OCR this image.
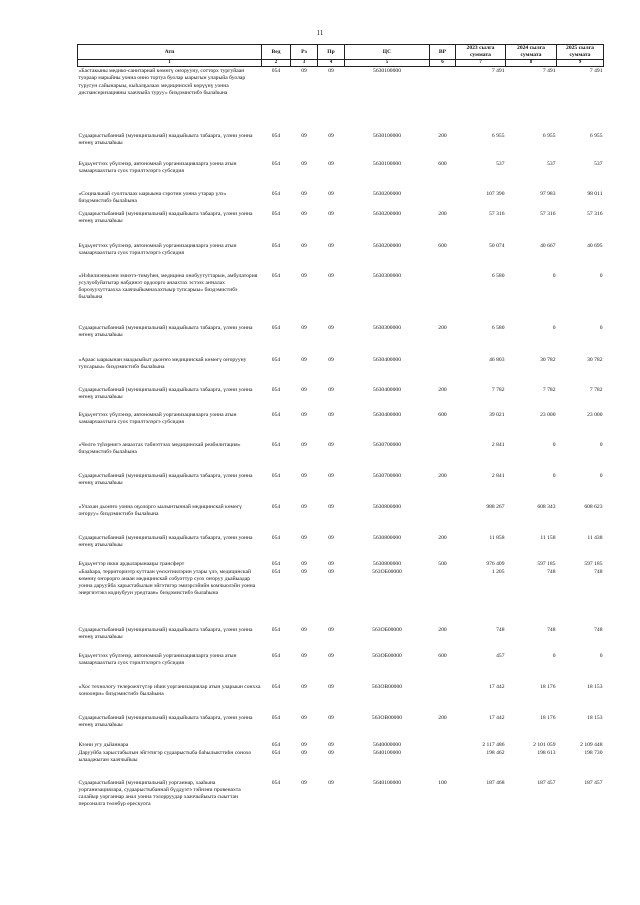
11
Атп	Вед	Рз	Пр	ЦС	ВР	2023 сылга суммата	2024 сылга суммата	2025 сылга суммата
1	2	3	4	5	6	7	8	9
«Бастакыны медико-санитарнай көмөгү оҥорууну, сотторх тургуйаан туораар марыйны уонна онно тортуа буолар ыарыгын уларыйа буолар туругун сайынарыы, кыһалҕалаах медицинскэй көрүүнү уонна диспансеризацияны хааччыйа туруу» биэдэмистибэ былаһына	054	09	09	5630100000		7 491	7 491	7 491
Судаарыстыбаннай (муниципальнай) наадыйыыта табаарга, үлэни уонна өҥөнү атыылаһыы	054	09	09	5630100000	200	6 955	6 955	6 955
Бүдьүөттээх үбүлэнэр, автономнай уорганизацияларга уонна атын хамаарчаахтыга суох тэрилтэлэргэ субсидия	054	09	09	5630100000	600	537	537	537
«Социальнай суолталаах ыарыына сэротин уонна утарар үлэ» биэдэмистибэ былаһына	054	09	09	5630200000		107 390	97 983	98 011
Судаарыстыбаннай (муниципальнай) наадыйыыта табаарга, үлэни уонна өҥөнү атыылаһыы	054	09	09	5630200000	200	57 316	57 316	57 316
Бүдьүөттээх үбүлэнэр, автономнай уорганизацияларга уонна атын хамаарчаахтыга суох тэрилтэлэргэ субсидия	054	09	09	5630200000	600	50 074	40 667	40 695
«Нэһилиэнньэни эмиэтэ-тимуһен, медицина онобуутуттарын, амбулатория усулуобуйатыгар набдинэт ордоорго анаахтах эстээх аҥналах борозуухуттаахха хааччыйымнахахтыыр тупсарыы» биэдэмистибэ былаһына	054	09	09	5630300000		6 580	0	0
Судаарыстыбаннай (муниципальнай) наадыйыыта табаарга, үлэни уонна өҥөнү атыылаһыы	054	09	09	5630300000	200	6 580	0	0
«Араас ыарыынан маадыыйыт дьоҥҥо медицинскай көмөгү оҥорууну тупсарыы» биэдэмистибэ былаһына	054	09	09	5630400000		46 803	30 782	30 782
Судаарыстыбаннай (муниципальнай) наадыйыыта табаарга, үлэни уонна өҥөнү атыылаһыы	054	09	09	5630400000	200	7 782	7 782	7 782
Бүдьүөттээх үбүлэнэр, автономнай уорганизацияларга уонна атын хамаарчаахтыга суох тэрилтэлэргэ субсидия	054	09	09	5630400000	600	39 021	23 000	23 000
«Чөлгө түһэрнигэ анаахтах табиэттэах медицинскай реабилитация» биэдэмистибэ былаһына	054	09	09	5630700000		2 841	0	0
Судаарыстыбаннай (муниципальнай) наадыйыыта табаарга, үлэни уонна өҥөнү атыылаһыы	054	09	09	5630700000	200	2 841	0	0
«Улахан дьоҥҥо уонна оҕолорго ыалынтыннай медицинскай көмөгү оҥоруу» биэдэмистибэ былаһына	054	09	09	5630800000		988 267	608 343	608 623
Судаарыстыбаннай (муниципальнай) наадыйыыта табаарга, үлэни уонна өҥөнү атыылаһыы	054	09	09	5630800000	200	11 858	11 158	11 438
Бүдьүөттэр икки ардыларынааҕы трансферт	054	09	09	5630800000	500	976 409	597 185	597 185
«Бааһара, территориэтр куттаан үөскэтиилэрин утары үлэ, медицинскай көмөнү оҥорорго анаан медицинскай собуоттур суох оҥоруу дьайыадар уонна дарууйба харыстабылын эйгэтигэр эмиэрсэйийн комчыолэйн уонна энергиэтэкз кодиубуун уредтаан» биэдэмистибэ былаһына	054	09	09	563ОБ00000		1 205	748	748
Судаарыстыбаннай (муниципальнай) наадыйыыта табаарга, үлэни уонна өҥөнү атыылаһыы	054	09	09	563ОБ00000	200	748	748	748
Бүдьүөттээх үбүлэнэр, автономнай уорганизацияларга уонна атын хамаарчаахтыга суох тэрилтэлэргэ субсидия	054	09	09	563ОБ00000	600	457	0	0
«Хос технологу телерожчтүтэр иһин уорганизациялар атын уларыын сонхха хоноонри» биэдэмистибэ былаһына	054	09	09	563ОВ00000		17 442	18 176	18 153
Судаарыстыбаннай (муниципальнай) наадыйыыта табаарга, үлэни уонна өҥөнү атыылаһыы	054	09	09	563ОВ00000	200	17 442	18 176	18 153
Кээни угу дьйаннара	054	09	09	5640000000		2 117 486	2 101 059	2 109 448
Дарууйба харыстабылын эйгэтигэр судаарыстыба баһылыкттиһн сонохо ылааджыгам хааччыйыы	054	09	09	5640100000		198 462	198 613	198 730
Судаарыстыбаннай (муниципальнай) уорганнар, хааһына уорганизациялара, судаарыстыбаннай бүддүэтэ тэйнэни провенахта салайыр уорганнар анал уонна тэлорруудар хааччыйыыта сыыттан персоналга төлөбүр ерескуота	054	09	09	5640100000	100	187 468	187 457	187 457
